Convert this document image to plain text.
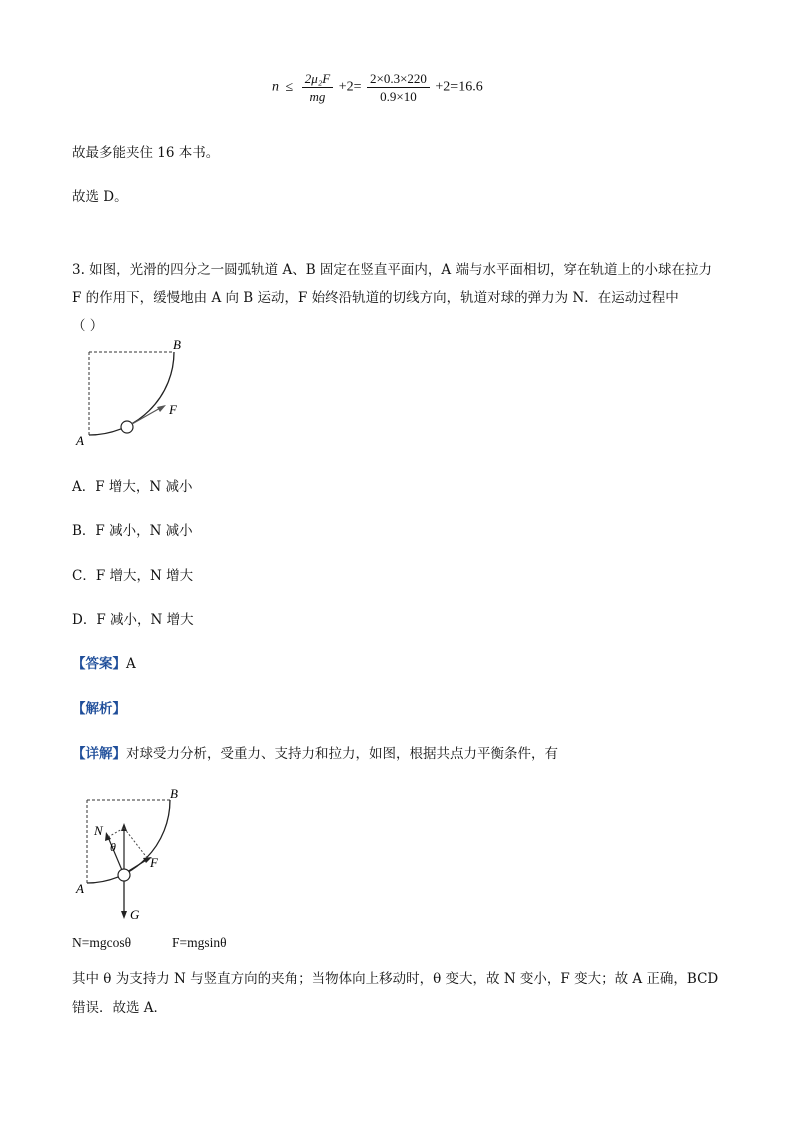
$n \le \frac{\text{2μ₂F}}{mg} +2= \frac{2\times 0.3\times 220}{0.9\times 10} +2=16.6$
故最多能夹住 16 本书。
故选 D。
3. 如图，光滑的四分之一圆弧轨道 A、B 固定在竖直平面内，A 端与水平面相切，穿在轨道上的小球在拉力
F 的作用下，缓慢地由 A 向 B 运动，F 始终沿轨道的切线方向，轨道对球的弹力为 N．在运动过程中
（ ）
A
B
F
A．F 增大，N 减小
B．F 减小，N 减小
C．F 增大，N 增大
D．F 减小，N 增大
【答案】A
【解析】
【详解】对球受力分析，受重力、支持力和拉力，如图，根据共点力平衡条件，有
A
B
N
θ
F
G
N=mgcosθ	F=mgsinθ
其中 θ 为支持力 N 与竖直方向的夹角；当物体向上移动时，θ 变大，故 N 变小，F 变大；故 A 正确，BCD
错误．故选 A．
